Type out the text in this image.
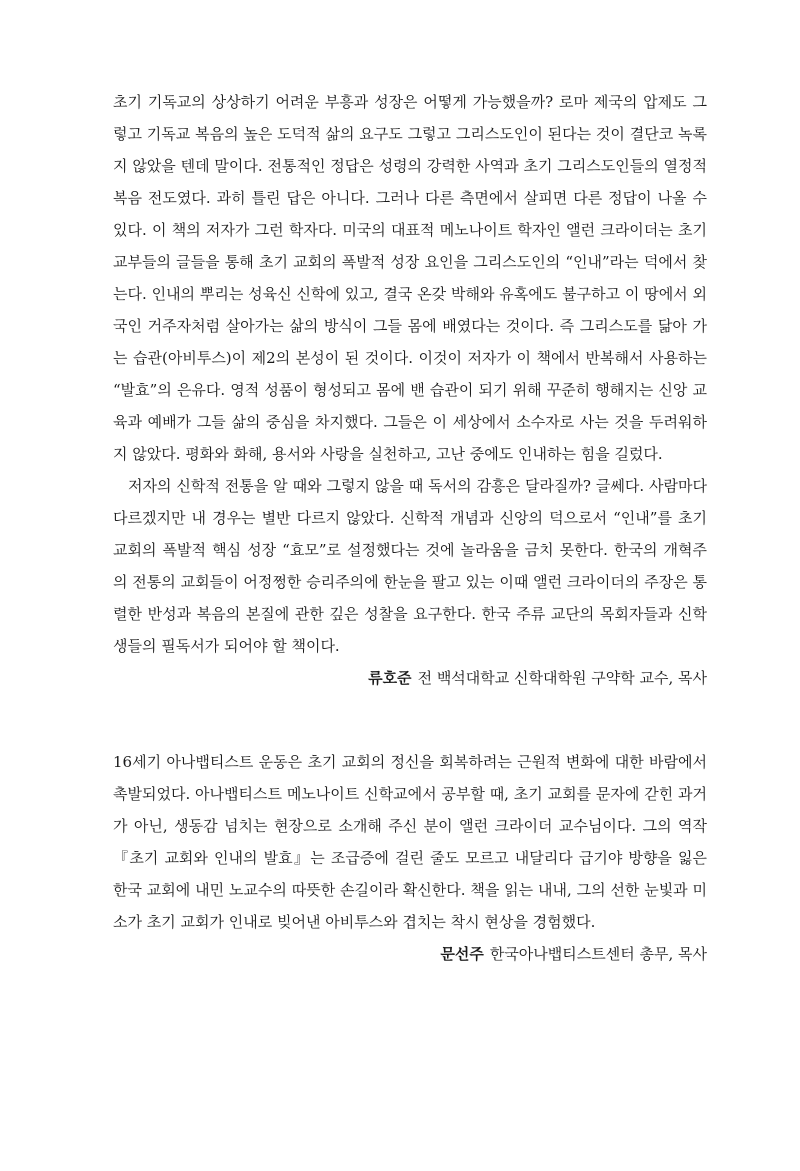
초기 기독교의 상상하기 어려운 부흥과 성장은 어떻게 가능했을까? 로마 제국의 압제도 그렇고 기독교 복음의 높은 도덕적 삶의 요구도 그렇고 그리스도인이 된다는 것이 결단코 녹록지 않았을 텐데 말이다. 전통적인 정답은 성령의 강력한 사역과 초기 그리스도인들의 열정적 복음 전도였다. 과히 틀린 답은 아니다. 그러나 다른 측면에서 살피면 다른 정답이 나올 수 있다. 이 책의 저자가 그런 학자다. 미국의 대표적 메노나이트 학자인 앨런 크라이더는 초기 교부들의 글들을 통해 초기 교회의 폭발적 성장 요인을 그리스도인의 “인내”라는 덕에서 찾는다. 인내의 뿌리는 성육신 신학에 있고, 결국 온갖 박해와 유혹에도 불구하고 이 땅에서 외국인 거주자처럼 살아가는 삶의 방식이 그들 몸에 배였다는 것이다. 즉 그리스도를 닮아 가는 습관(아비투스)이 제2의 본성이 된 것이다. 이것이 저자가 이 책에서 반복해서 사용하는 “발효”의 은유다. 영적 성품이 형성되고 몸에 밴 습관이 되기 위해 꾸준히 행해지는 신앙 교육과 예배가 그들 삶의 중심을 차지했다. 그들은 이 세상에서 소수자로 사는 것을 두려워하지 않았다. 평화와 화해, 용서와 사랑을 실천하고, 고난 중에도 인내하는 힘을 길렀다.

저자의 신학적 전통을 알 때와 그렇지 않을 때 독서의 감흥은 달라질까? 글쎄다. 사람마다 다르겠지만 내 경우는 별반 다르지 않았다. 신학적 개념과 신앙의 덕으로서 “인내”를 초기 교회의 폭발적 핵심 성장 “효모”로 설정했다는 것에 놀라움을 금치 못한다. 한국의 개혁주의 전통의 교회들이 어정쩡한 승리주의에 한눈을 팔고 있는 이때 앨런 크라이더의 주장은 통렬한 반성과 복음의 본질에 관한 깊은 성찰을 요구한다. 한국 주류 교단의 목회자들과 신학생들의 필독서가 되어야 할 책이다.

류호준 전 백석대학교 신학대학원 구약학 교수, 목사

16세기 아나뱁티스트 운동은 초기 교회의 정신을 회복하려는 근원적 변화에 대한 바람에서 촉발되었다. 아나뱁티스트 메노나이트 신학교에서 공부할 때, 초기 교회를 문자에 갇힌 과거가 아닌, 생동감 넘치는 현장으로 소개해 주신 분이 앨런 크라이더 교수님이다. 그의 역작 『초기 교회와 인내의 발효』는 조급증에 걸린 줄도 모르고 내달리다 급기야 방향을 잃은 한국 교회에 내민 노교수의 따뜻한 손길이라 확신한다. 책을 읽는 내내, 그의 선한 눈빛과 미소가 초기 교회가 인내로 빚어낸 아비투스와 겹치는 착시 현상을 경험했다.

문선주 한국아나뱁티스트센터 총무, 목사
